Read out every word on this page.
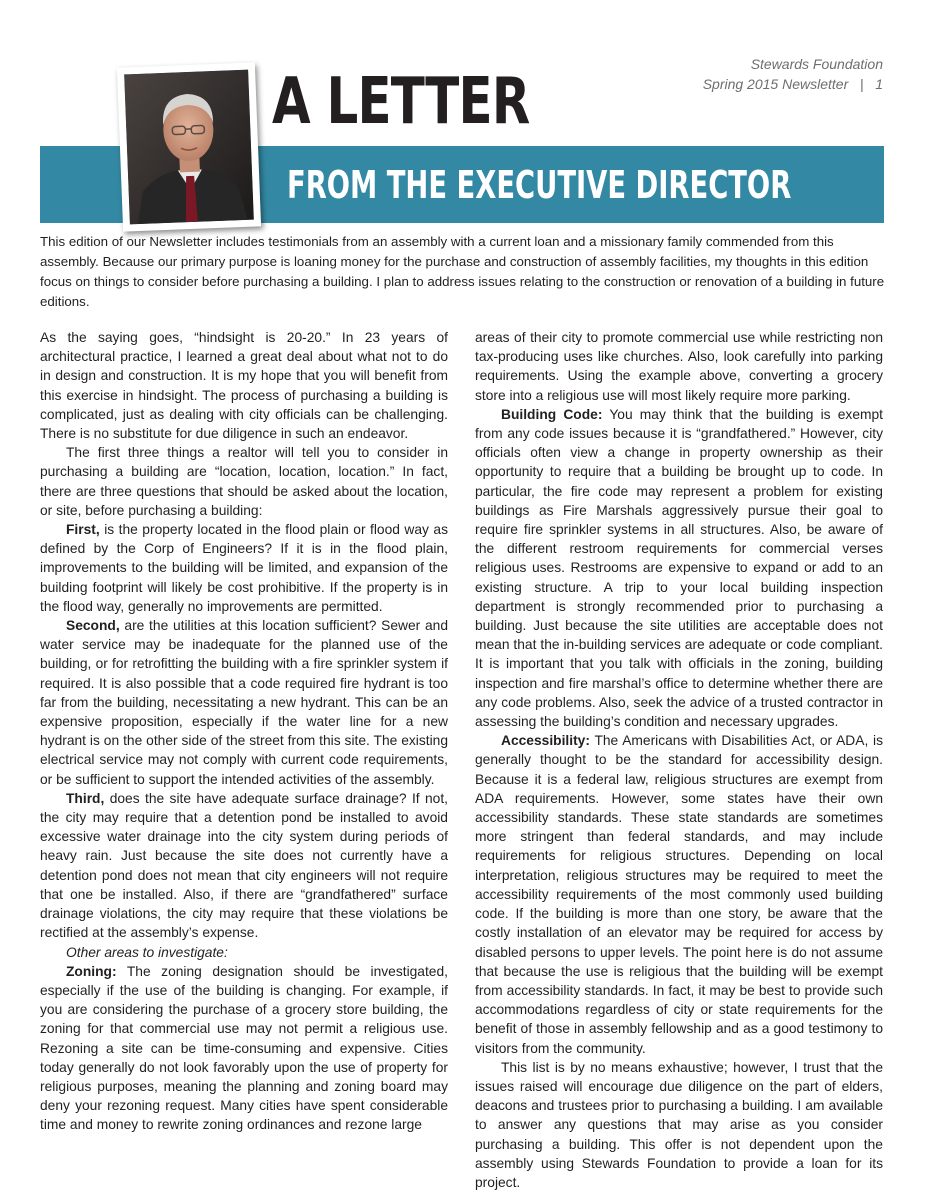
Stewards Foundation
Spring 2015 Newsletter   |   1
A LETTER
FROM THE EXECUTIVE DIRECTOR
This edition of our Newsletter includes testimonials from an assembly with a current loan and a missionary family commended from this assembly. Because our primary purpose is loaning money for the purchase and construction of assembly facilities, my thoughts in this edition focus on things to consider before purchasing a building. I plan to address issues relating to the construction or renovation of a building in future editions.

As the saying goes, “hindsight is 20-20.” In 23 years of architectural practice, I learned a great deal about what not to do in design and construction. It is my hope that you will benefit from this exercise in hindsight. The process of purchasing a building is complicated, just as dealing with city officials can be challenging. There is no substitute for due diligence in such an endeavor.

The first three things a realtor will tell you to consider in purchasing a building are “location, location, location.” In fact, there are three questions that should be asked about the location, or site, before purchasing a building:

First, is the property located in the flood plain or flood way as defined by the Corp of Engineers? If it is in the flood plain, improvements to the building will be limited, and expansion of the building footprint will likely be cost prohibitive. If the property is in the flood way, generally no improvements are permitted.

Second, are the utilities at this location sufficient? Sewer and water service may be inadequate for the planned use of the building, or for retrofitting the building with a fire sprinkler system if required. It is also possible that a code required fire hydrant is too far from the building, necessitating a new hydrant. This can be an expensive proposition, especially if the water line for a new hydrant is on the other side of the street from this site. The existing electrical service may not comply with current code requirements, or be sufficient to support the intended activities of the assembly.

Third, does the site have adequate surface drainage? If not, the city may require that a detention pond be installed to avoid excessive water drainage into the city system during periods of heavy rain. Just because the site does not currently have a detention pond does not mean that city engineers will not require that one be installed. Also, if there are “grandfathered” surface drainage violations, the city may require that these violations be rectified at the assembly’s expense.

Other areas to investigate:

Zoning: The zoning designation should be investigated, especially if the use of the building is changing. For example, if you are considering the purchase of a grocery store building, the zoning for that commercial use may not permit a religious use. Rezoning a site can be time-consuming and expensive. Cities today generally do not look favorably upon the use of property for religious purposes, meaning the planning and zoning board may deny your rezoning request. Many cities have spent considerable time and money to rewrite zoning ordinances and rezone large

areas of their city to promote commercial use while restricting non tax-producing uses like churches. Also, look carefully into parking requirements. Using the example above, converting a grocery store into a religious use will most likely require more parking.

Building Code: You may think that the building is exempt from any code issues because it is “grandfathered.” However, city officials often view a change in property ownership as their opportunity to require that a building be brought up to code. In particular, the fire code may represent a problem for existing buildings as Fire Marshals aggressively pursue their goal to require fire sprinkler systems in all structures. Also, be aware of the different restroom requirements for commercial verses religious uses. Restrooms are expensive to expand or add to an existing structure. A trip to your local building inspection department is strongly recommended prior to purchasing a building. Just because the site utilities are acceptable does not mean that the in-building services are adequate or code compliant. It is important that you talk with officials in the zoning, building inspection and fire marshal’s office to determine whether there are any code problems. Also, seek the advice of a trusted contractor in assessing the building’s condition and necessary upgrades.

Accessibility: The Americans with Disabilities Act, or ADA, is generally thought to be the standard for accessibility design. Because it is a federal law, religious structures are exempt from ADA requirements. However, some states have their own accessibility standards. These state standards are sometimes more stringent than federal standards, and may include requirements for religious structures. Depending on local interpretation, religious structures may be required to meet the accessibility requirements of the most commonly used building code. If the building is more than one story, be aware that the costly installation of an elevator may be required for access by disabled persons to upper levels. The point here is do not assume that because the use is religious that the building will be exempt from accessibility standards. In fact, it may be best to provide such accommodations regardless of city or state requirements for the benefit of those in assembly fellowship and as a good testimony to visitors from the community.

This list is by no means exhaustive; however, I trust that the issues raised will encourage due diligence on the part of elders, deacons and trustees prior to purchasing a building. I am available to answer any questions that may arise as you consider purchasing a building. This offer is not dependent upon the assembly using Stewards Foundation to provide a loan for its project.
